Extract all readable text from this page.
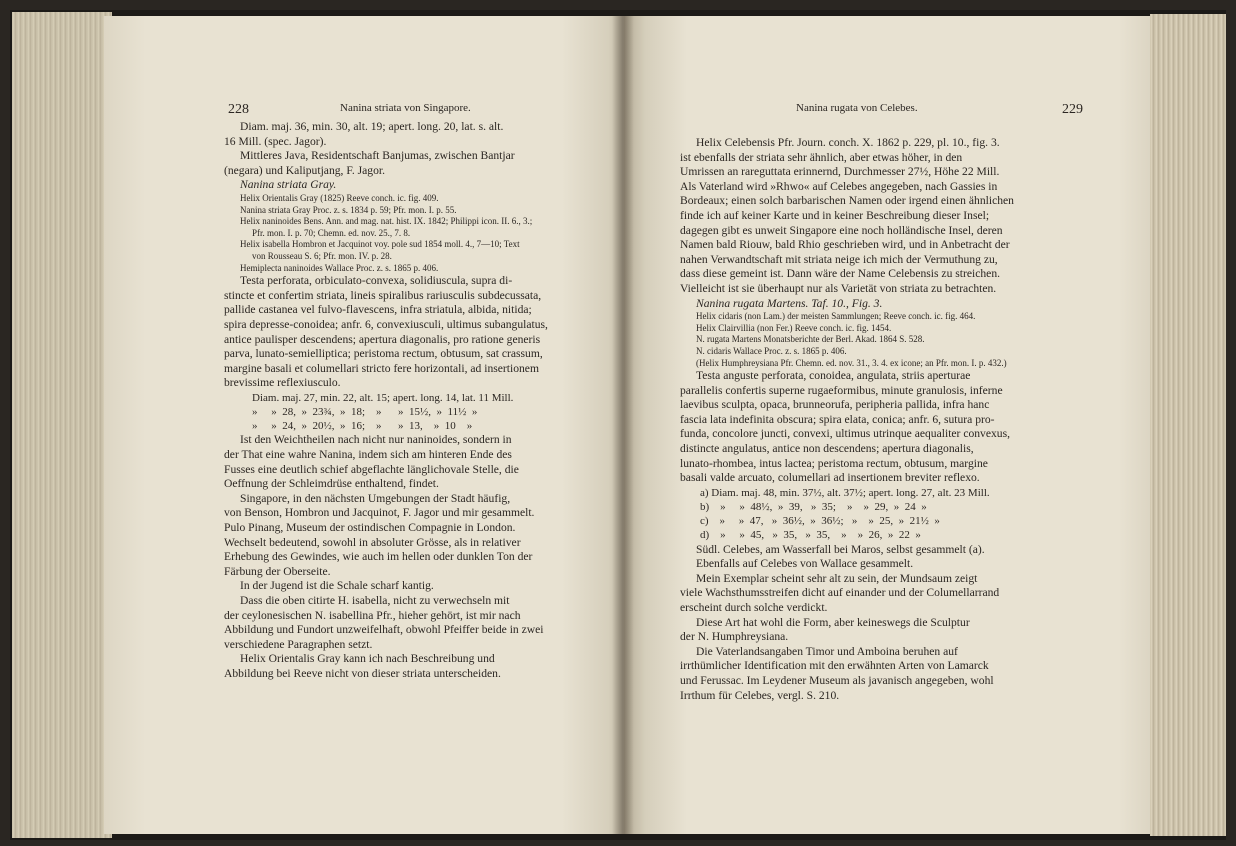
228	Nanina striata von Singapore.

Diam. maj. 36, min. 30, alt. 19; apert. long. 20, lat. s. alt.

16 Mill. (spec. Jagor).

Mittleres Java, Residentschaft Banjumas, zwischen Bantjar

(negara) und Kaliputjang, F. Jagor.

Nanina striata Gray.

Helix Orientalis Gray (1825) Reeve conch. ic. fig. 409.

Nanina striata Gray Proc. z. s. 1834 p. 59; Pfr. mon. I. p. 55.

Helix naninoides Bens. Ann. and mag. nat. hist. IX. 1842; Philippi icon. II. 6., 3.;

Pfr. mon. I. p. 70; Chemn. ed. nov. 25., 7. 8.

Helix isabella Hombron et Jacquinot voy. pole sud 1854 moll. 4., 7—10; Text

von Rousseau S. 6; Pfr. mon. IV. p. 28.

Hemiplecta naninoides Wallace Proc. z. s. 1865 p. 406.

Testa perforata, orbiculato-convexa, solidiuscula, supra di-

stincte et confertim striata, lineis spiralibus rariusculis subdecussata,

pallide castanea vel fulvo-flavescens, infra striatula, albida, nitida;

spira depresse-conoidea; anfr. 6, convexiusculi, ultimus subangulatus,

antice paulisper descendens; apertura diagonalis, pro ratione generis

parva, lunato-semielliptica; peristoma rectum, obtusum, sat crassum,

margine basali et columellari stricto fere horizontali, ad insertionem

brevissime reflexiusculo.

Diam. maj. 27, min. 22, alt. 15; apert. long. 14, lat. 11 Mill.

»     »  28,  »  23¾,  »  18;    »      »  15½,  »  11½  »

»     »  24,  »  20½,  »  16;    »      »  13,    »  10    »

Ist den Weichtheilen nach nicht nur naninoides, sondern in

der That eine wahre Nanina, indem sich am hinteren Ende des

Fusses eine deutlich schief abgeflachte länglichovale Stelle, die

Oeffnung der Schleimdrüse enthaltend, findet.

Singapore, in den nächsten Umgebungen der Stadt häufig,

von Benson, Hombron und Jacquinot, F. Jagor und mir gesammelt.

Pulo Pinang, Museum der ostindischen Compagnie in London.

Wechselt bedeutend, sowohl in absoluter Grösse, als in relativer

Erhebung des Gewindes, wie auch im hellen oder dunklen Ton der

Färbung der Oberseite.

In der Jugend ist die Schale scharf kantig.

Dass die oben citirte H. isabella, nicht zu verwechseln mit

der ceylonesischen N. isabellina Pfr., hieher gehört, ist mir nach

Abbildung und Fundort unzweifelhaft, obwohl Pfeiffer beide in zwei

verschiedene Paragraphen setzt.

Helix Orientalis Gray kann ich nach Beschreibung und

Abbildung bei Reeve nicht von dieser striata unterscheiden.

Nanina rugata von Celebes.	229

Helix Celebensis Pfr. Journ. conch. X. 1862 p. 229, pl. 10., fig. 3.

ist ebenfalls der striata sehr ähnlich, aber etwas höher, in den

Umrissen an rareguttata erinnernd, Durchmesser 27½, Höhe 22 Mill.

Als Vaterland wird »Rhwo« auf Celebes angegeben, nach Gassies in

Bordeaux; einen solch barbarischen Namen oder irgend einen ähnlichen

finde ich auf keiner Karte und in keiner Beschreibung dieser Insel;

dagegen gibt es unweit Singapore eine noch holländische Insel, deren

Namen bald Riouw, bald Rhio geschrieben wird, und in Anbetracht der

nahen Verwandtschaft mit striata neige ich mich der Vermuthung zu,

dass diese gemeint ist. Dann wäre der Name Celebensis zu streichen.

Vielleicht ist sie überhaupt nur als Varietät von striata zu betrachten.

Nanina rugata Martens. Taf. 10., Fig. 3.

Helix cidaris (non Lam.) der meisten Sammlungen; Reeve conch. ic. fig. 464.

Helix Clairvillia (non Fer.) Reeve conch. ic. fig. 1454.

N. rugata Martens Monatsberichte der Berl. Akad. 1864 S. 528.

N. cidaris Wallace Proc. z. s. 1865 p. 406.

(Helix Humphreysiana Pfr. Chemn. ed. nov. 31., 3. 4. ex icone; an Pfr. mon. I. p. 432.)

Testa anguste perforata, conoidea, angulata, striis aperturae

parallelis confertis superne rugaeformibus, minute granulosis, inferne

laevibus sculpta, opaca, brunneorufa, peripheria pallida, infra hanc

fascia lata indefinita obscura; spira elata, conica; anfr. 6, sutura pro-

funda, concolore juncti, convexi, ultimus utrinque aequaliter convexus,

distincte angulatus, antice non descendens; apertura diagonalis,

lunato-rhombea, intus lactea; peristoma rectum, obtusum, margine

basali valde arcuato, columellari ad insertionem breviter reflexo.

a) Diam. maj. 48, min. 37½, alt. 37½; apert. long. 27, alt. 23 Mill.

b)    »     »  48½,  »  39,   »  35;    »    »  29,  »  24  »

c)    »     »  47,   »  36½,  »  36½;   »    »  25,  »  21½  »

d)    »     »  45,   »  35,   »  35,    »    »  26,  »  22  »

Südl. Celebes, am Wasserfall bei Maros, selbst gesammelt (a).

Ebenfalls auf Celebes von Wallace gesammelt.

Mein Exemplar scheint sehr alt zu sein, der Mundsaum zeigt

viele Wachsthumsstreifen dicht auf einander und der Columellarrand

erscheint durch solche verdickt.

Diese Art hat wohl die Form, aber keineswegs die Sculptur

der N. Humphreysiana.

Die Vaterlandsangaben Timor und Amboina beruhen auf

irrthümlicher Identification mit den erwähnten Arten von Lamarck

und Ferussac. Im Leydener Museum als javanisch angegeben, wohl

Irrthum für Celebes, vergl. S. 210.
